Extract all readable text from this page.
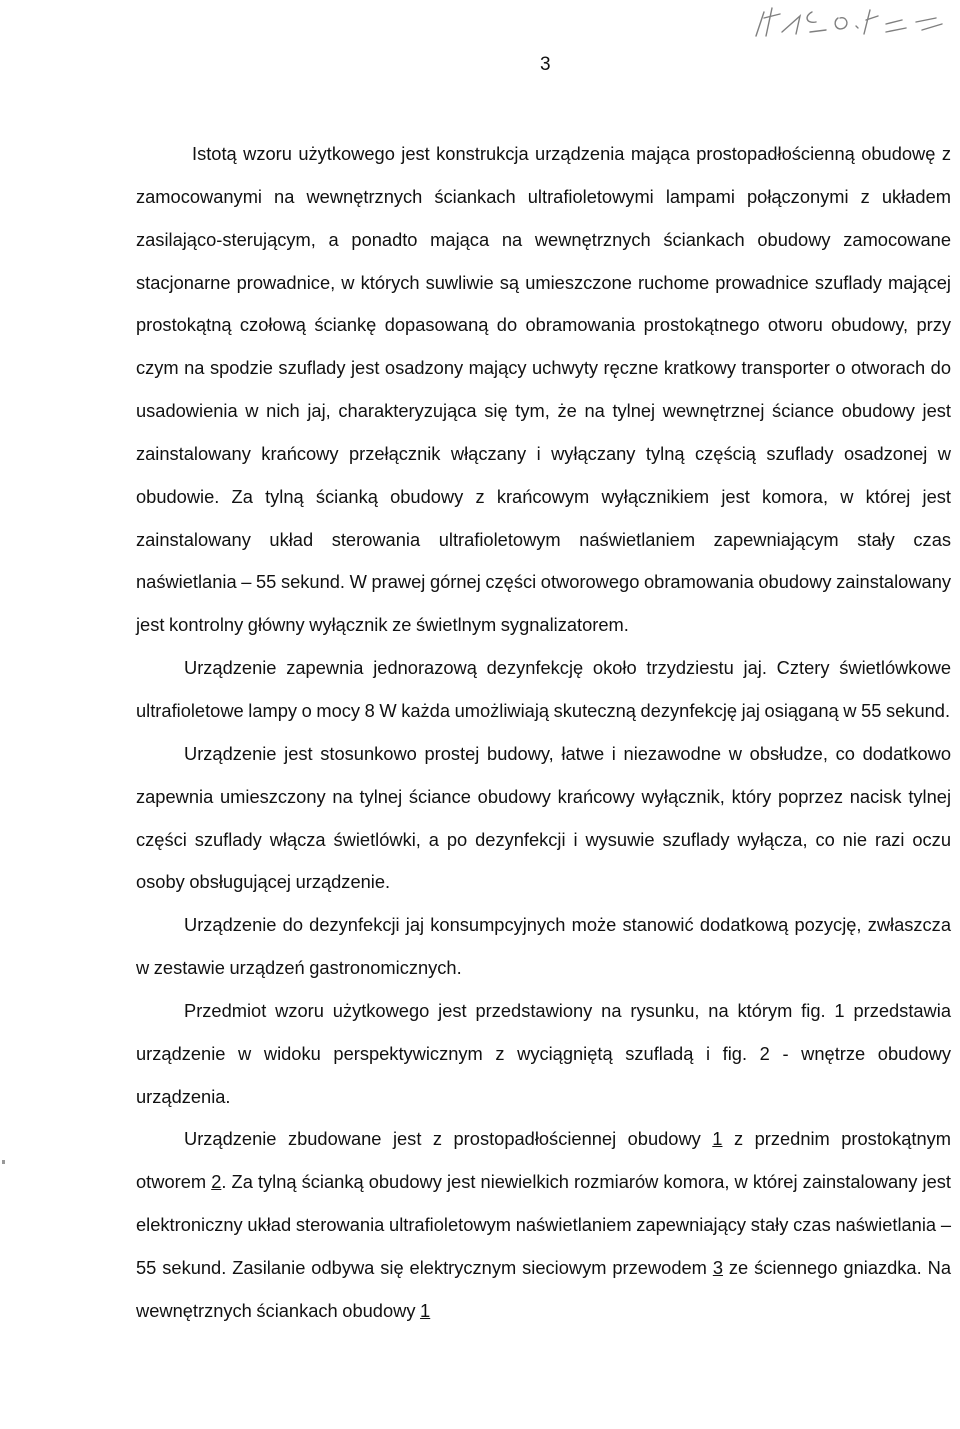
3

Istotą wzoru użytkowego jest konstrukcja urządzenia mająca prostopadłościenną obudowę z zamocowanymi na wewnętrznych ściankach ultrafioletowymi lampami połączonymi z układem zasilająco-sterującym, a ponadto mająca na wewnętrznych ściankach obudowy zamocowane stacjonarne prowadnice, w których suwliwie są umieszczone ruchome prowadnice szuflady mającej prostokątną czołową ściankę dopasowaną do obramowania prostokątnego otworu obudowy, przy czym na spodzie szuflady jest osadzony mający uchwyty ręczne kratkowy transporter o otworach do usadowienia w nich jaj, charakteryzująca się tym, że na tylnej wewnętrznej ściance obudowy jest zainstalowany krańcowy przełącznik włączany i wyłączany tylną częścią szuflady osadzonej w obudowie. Za tylną ścianką obudowy z krańcowym wyłącznikiem jest komora, w której jest zainstalowany układ sterowania ultrafioletowym naświetlaniem zapewniającym stały czas naświetlania – 55 sekund. W prawej górnej części otworowego obramowania obudowy zainstalowany jest kontrolny główny wyłącznik ze świetlnym sygnalizatorem.

Urządzenie zapewnia jednorazową dezynfekcję około trzydziestu jaj. Cztery świetlówkowe ultrafioletowe lampy o mocy 8 W każda umożliwiają skuteczną dezynfekcję jaj osiąganą w 55 sekund.

Urządzenie jest stosunkowo prostej budowy, łatwe i niezawodne w obsłudze, co dodatkowo zapewnia umieszczony na tylnej ściance obudowy krańcowy wyłącznik, który poprzez nacisk tylnej części szuflady włącza świetlówki, a po dezynfekcji i wysuwie szuflady wyłącza, co nie razi oczu osoby obsługującej urządzenie.

Urządzenie do dezynfekcji jaj konsumpcyjnych może stanowić dodatkową pozycję, zwłaszcza w zestawie urządzeń gastronomicznych.

Przedmiot wzoru użytkowego jest przedstawiony na rysunku, na którym fig. 1 przedstawia urządzenie w widoku perspektywicznym z wyciągniętą szufladą i fig. 2 - wnętrze obudowy urządzenia.

Urządzenie zbudowane jest z prostopadłościennej obudowy 1 z przednim prostokątnym otworem 2. Za tylną ścianką obudowy jest niewielkich rozmiarów komora, w której zainstalowany jest elektroniczny układ sterowania ultrafioletowym naświetlaniem zapewniający stały czas naświetlania – 55 sekund. Zasilanie odbywa się elektrycznym sieciowym przewodem 3 ze ściennego gniazdka. Na wewnętrznych ściankach obudowy 1
